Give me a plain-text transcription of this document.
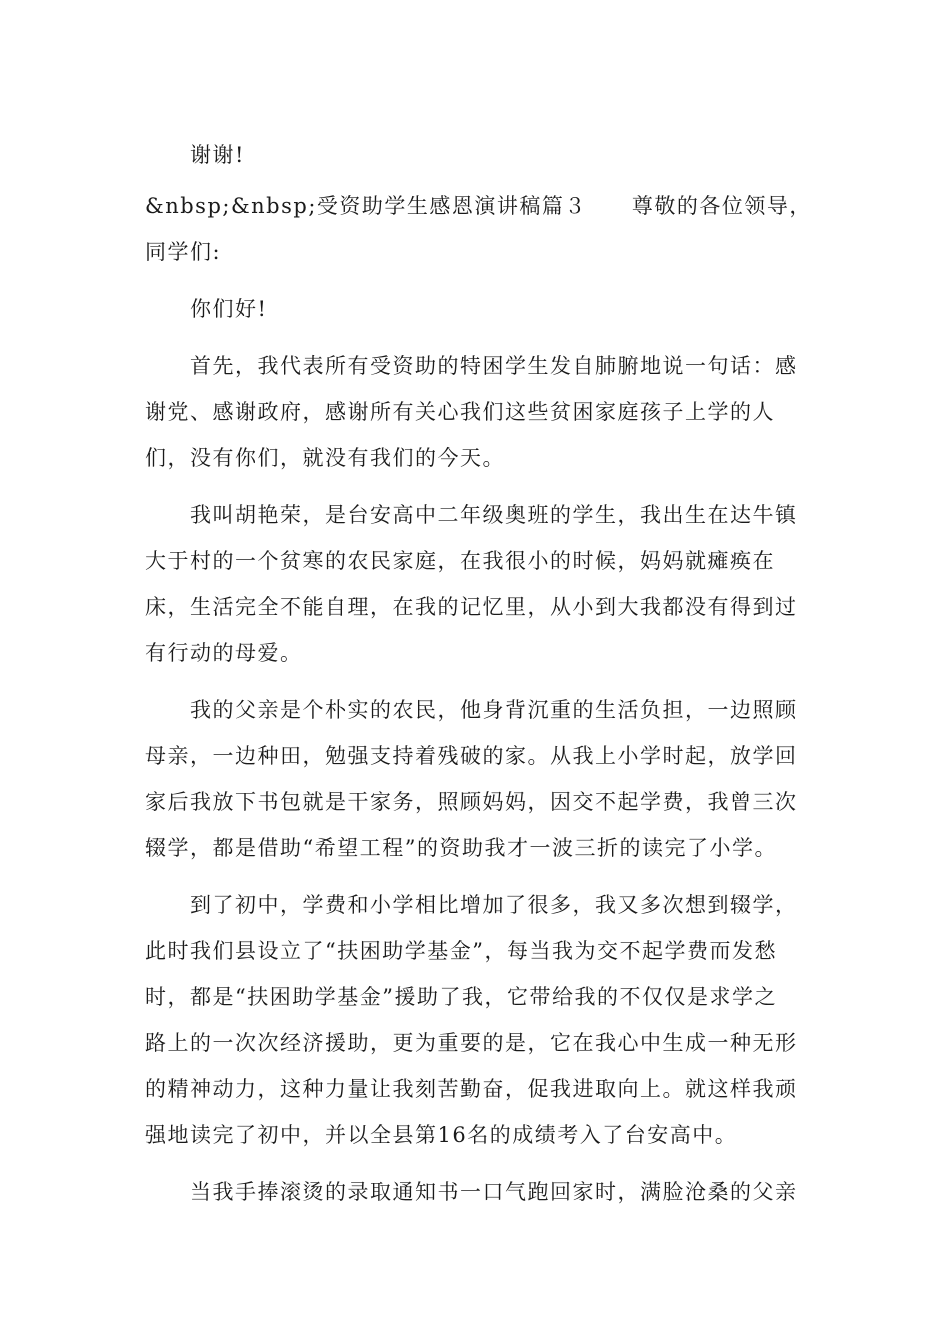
谢谢!
&nbsp;&nbsp;受资助学生感恩演讲稿篇３　　尊敬的各位领导，
同学们:
你们好!
首先，我代表所有受资助的特困学生发自肺腑地说一句话：感
谢党、感谢政府，感谢所有关心我们这些贫困家庭孩子上学的人
们，没有你们，就没有我们的今天。
我叫胡艳荣，是台安高中二年级奥班的学生，我出生在达牛镇
大于村的一个贫寒的农民家庭，在我很小的时候，妈妈就瘫痪在
床，生活完全不能自理，在我的记忆里，从小到大我都没有得到过
有行动的母爱。
我的父亲是个朴实的农民，他身背沉重的生活负担，一边照顾
母亲，一边种田，勉强支持着残破的家。从我上小学时起，放学回
家后我放下书包就是干家务，照顾妈妈，因交不起学费，我曾三次
辍学，都是借助“希望工程”的资助我才一波三折的读完了小学。
到了初中，学费和小学相比增加了很多，我又多次想到辍学，
此时我们县设立了“扶困助学基金”，每当我为交不起学费而发愁
时，都是“扶困助学基金”援助了我，它带给我的不仅仅是求学之
路上的一次次经济援助，更为重要的是，它在我心中生成一种无形
的精神动力，这种力量让我刻苦勤奋，促我进取向上。就这样我顽
强地读完了初中，并以全县第16名的成绩考入了台安高中。
当我手捧滚烫的录取通知书一口气跑回家时，满脸沧桑的父亲
